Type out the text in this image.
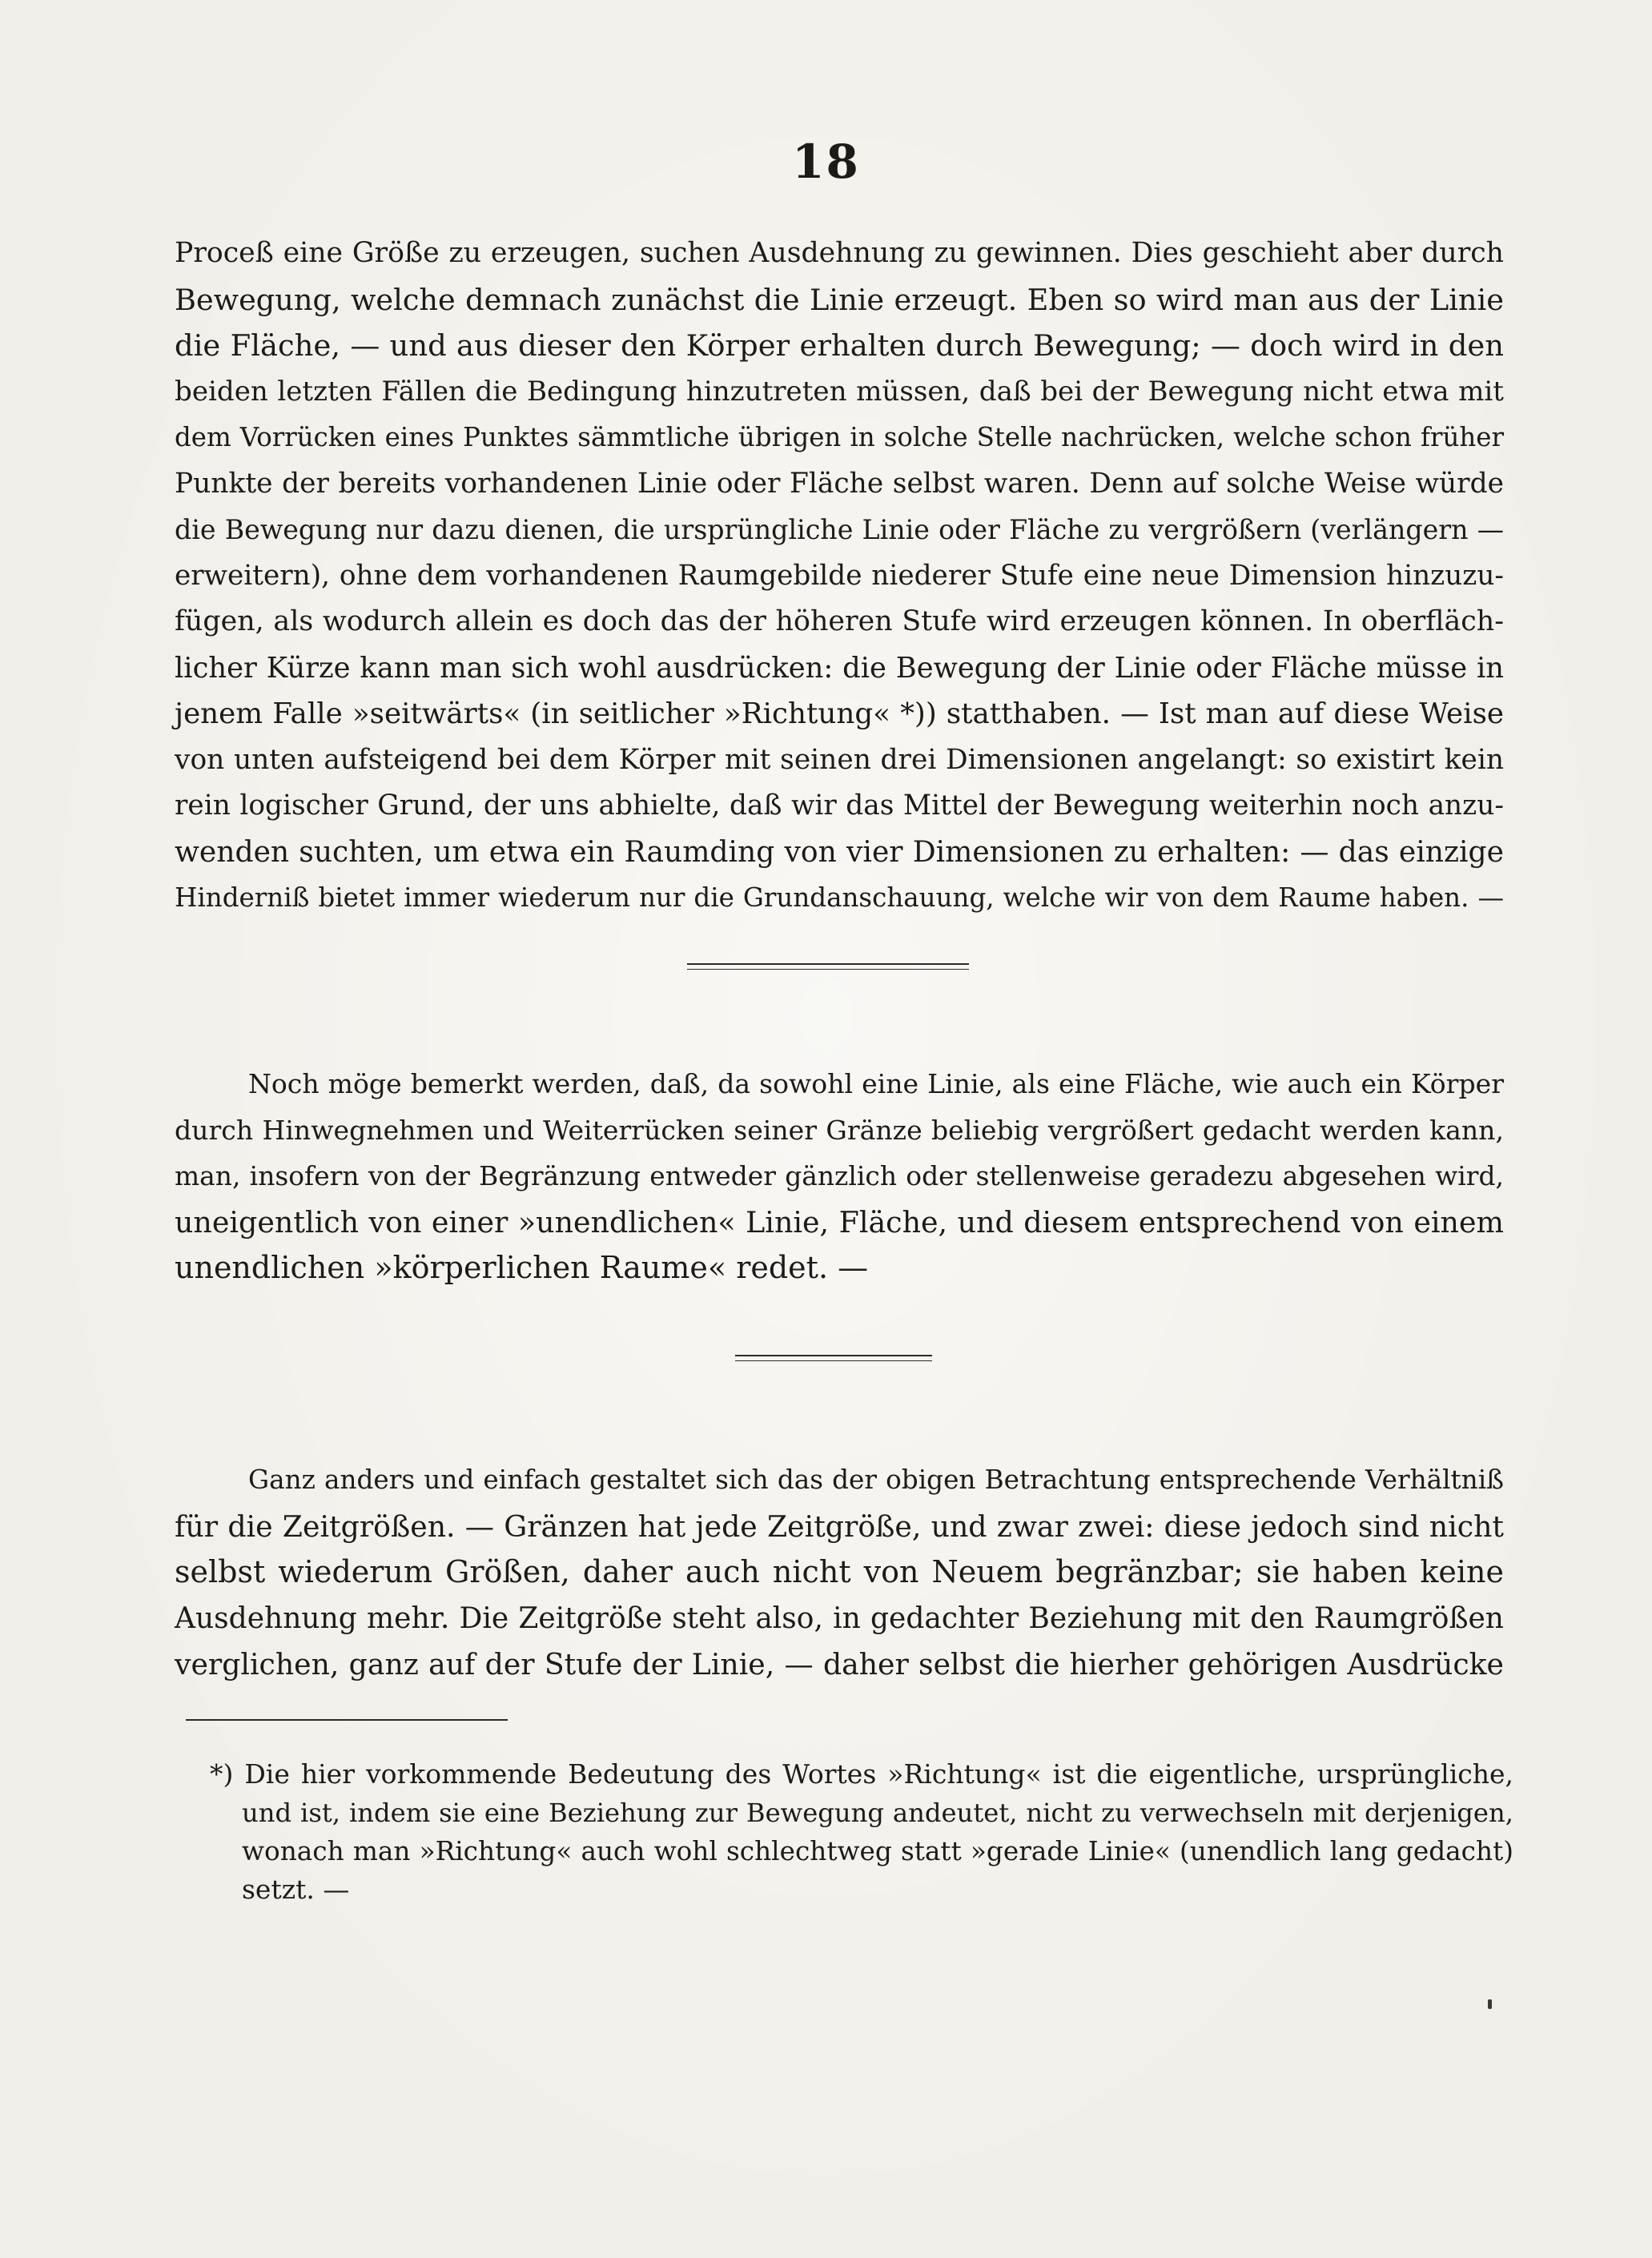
18
Proceß eine Größe zu erzeugen, suchen Ausdehnung zu gewinnen. Dies geschieht aber durch
Bewegung, welche demnach zunächst die Linie erzeugt. Eben so wird man aus der Linie
die Fläche, — und aus dieser den Körper erhalten durch Bewegung; — doch wird in den
beiden letzten Fällen die Bedingung hinzutreten müssen, daß bei der Bewegung nicht etwa mit
dem Vorrücken eines Punktes sämmtliche übrigen in solche Stelle nachrücken, welche schon früher
Punkte der bereits vorhandenen Linie oder Fläche selbst waren. Denn auf solche Weise würde
die Bewegung nur dazu dienen, die ursprüngliche Linie oder Fläche zu vergrößern (verlängern —
erweitern), ohne dem vorhandenen Raumgebilde niederer Stufe eine neue Dimension hinzuzu-
fügen, als wodurch allein es doch das der höheren Stufe wird erzeugen können. In oberfläch-
licher Kürze kann man sich wohl ausdrücken: die Bewegung der Linie oder Fläche müsse in
jenem Falle »seitwärts« (in seitlicher »Richtung« *)) statthaben. — Ist man auf diese Weise
von unten aufsteigend bei dem Körper mit seinen drei Dimensionen angelangt: so existirt kein
rein logischer Grund, der uns abhielte, daß wir das Mittel der Bewegung weiterhin noch anzu-
wenden suchten, um etwa ein Raumding von vier Dimensionen zu erhalten: — das einzige
Hinderniß bietet immer wiederum nur die Grundanschauung, welche wir von dem Raume haben. —
Noch möge bemerkt werden, daß, da sowohl eine Linie, als eine Fläche, wie auch ein Körper
durch Hinwegnehmen und Weiterrücken seiner Gränze beliebig vergrößert gedacht werden kann,
man, insofern von der Begränzung entweder gänzlich oder stellenweise geradezu abgesehen wird,
uneigentlich von einer »unendlichen« Linie, Fläche, und diesem entsprechend von einem
unendlichen »körperlichen Raume« redet. —
Ganz anders und einfach gestaltet sich das der obigen Betrachtung entsprechende Verhältniß
für die Zeitgrößen. — Gränzen hat jede Zeitgröße, und zwar zwei: diese jedoch sind nicht
selbst wiederum Größen, daher auch nicht von Neuem begränzbar; sie haben keine
Ausdehnung mehr. Die Zeitgröße steht also, in gedachter Beziehung mit den Raumgrößen
verglichen, ganz auf der Stufe der Linie, — daher selbst die hierher gehörigen Ausdrücke
*) Die hier vorkommende Bedeutung des Wortes »Richtung« ist die eigentliche, ursprüngliche,
und ist, indem sie eine Beziehung zur Bewegung andeutet, nicht zu verwechseln mit derjenigen,
wonach man »Richtung« auch wohl schlechtweg statt »gerade Linie« (unendlich lang gedacht)
setzt. —
